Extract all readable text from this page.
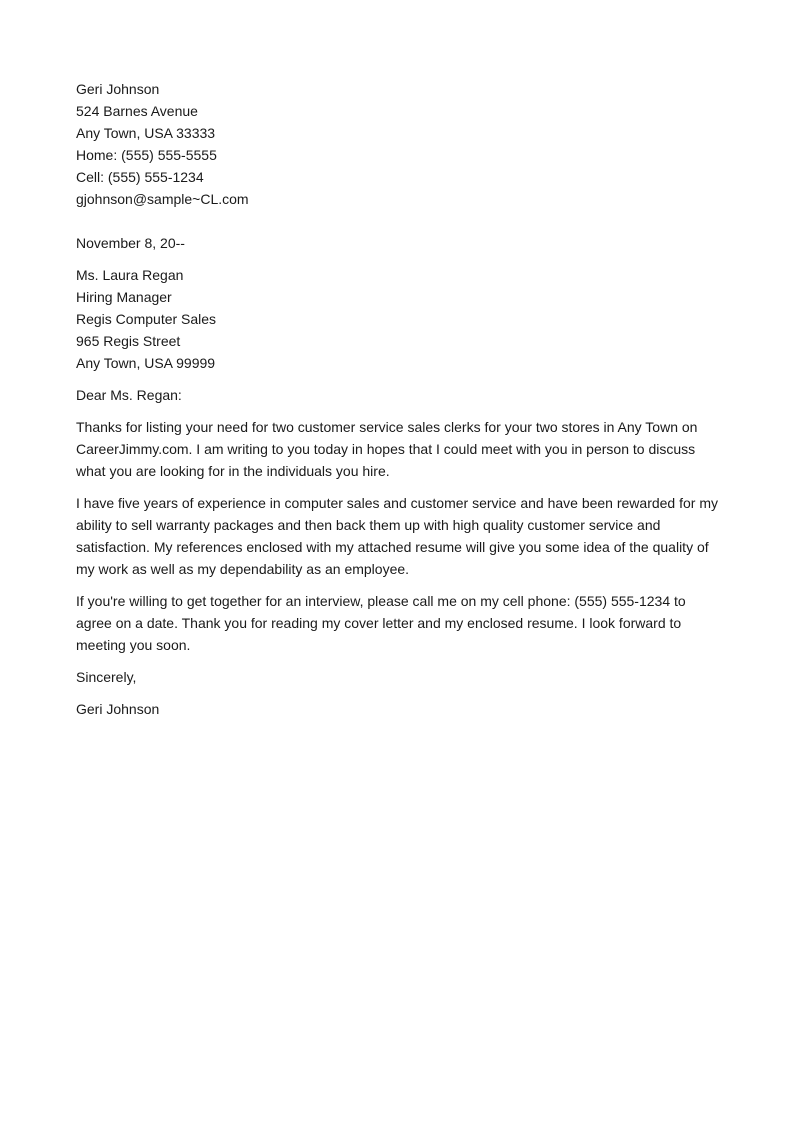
Geri Johnson
524 Barnes Avenue
Any Town, USA 33333
Home: (555) 555-5555
Cell: (555) 555-1234
gjohnson@sample~CL.com
November 8, 20--
Ms. Laura Regan
Hiring Manager
Regis Computer Sales
965 Regis Street
Any Town, USA 99999
Dear Ms. Regan:
Thanks for listing your need for two customer service sales clerks for your two stores in Any Town on
CareerJimmy.com. I am writing to you today in hopes that I could meet with you in person to discuss
what you are looking for in the individuals you hire.
I have five years of experience in computer sales and customer service and have been rewarded for my
ability to sell warranty packages and then back them up with high quality customer service and
satisfaction. My references enclosed with my attached resume will give you some idea of the quality of
my work as well as my dependability as an employee.
If you're willing to get together for an interview, please call me on my cell phone: (555) 555-1234 to
agree on a date. Thank you for reading my cover letter and my enclosed resume. I look forward to
meeting you soon.
Sincerely,
Geri Johnson
